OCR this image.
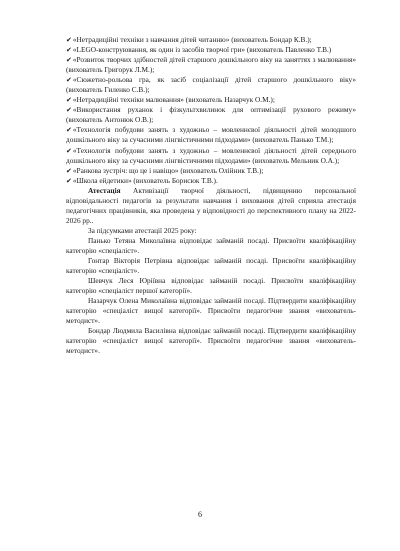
✔«Нетрадиційні техніки з навчання дітей читанню» (вихователь Бондар К.В.);

✔«LEGO-конструювання, як один із засобів творчої гри» (вихователь Павленко Т.В.)

✔«Розвиток творчих здібностей дітей старшого дошкільного віку на заняттях з малювання» (вихователь Григорук Л.М.);

✔«Сюжетно-рольова гра, як засіб соціалізації дітей старшого дошкільного віку» (вихователь Гиленко С.В.);

✔«Нетрадиційні техніки малювання» (вихователь Назарчук О.М.);

✔«Використання руханок і фізкультхвилинок для оптимізації рухового режиму» (вихователь Антонюк О.В.);

✔«Технологія побудови занять з художньо – мовленнєвої діяльності дітей молодшого дошкільного віку за сучасними лінгвістичними підходами» (вихователь Панько Т.М.);

✔«Технологія побудови занять з художньо – мовленнєвої діяльності дітей середнього дошкільного віку за сучасними лінгвістичними підходами» (вихователь Мельник О.А.);

✔«Ранкова зустріч: що це і навіщо» (вихователь Олійник Т.В.);

✔«Школа ейдетики» (вихователь Борисюк Т.В.).

Атестація Активізації творчої діяльності, підвищенню персональної відповідальності педагогів за результати навчання і виховання дітей сприяла атестація педагогічних працівників, яка проведена у відповідності до перспективного плану на 2022-2026 рр..

За підсумками атестації 2025 року:

Панько Тетяна Миколаївна відповідає займаній посаді. Присвоїти кваліфікаційну категорію «спеціаліст».

Гонтар Вікторія Петрівна відповідає займаній посаді. Присвоїти кваліфікаційну категорію «спеціаліст».

Шевчук Леся Юріївна відповідає займаній посаді. Присвоїти кваліфікаційну категорію «спеціаліст першої категорії».

Назарчук Олена Миколаївна відповідає займаній посаді. Підтвердити кваліфікаційну категорію «спеціаліст вищої категорії». Присвоїти педагогічне звання «вихователь-методист».

Бондар Людмила Василівна відповідає займаній посаді. Підтвердити кваліфікаційну категорію «спеціаліст вищої категорії». Присвоїти педагогічне звання «вихователь-методист».

6
